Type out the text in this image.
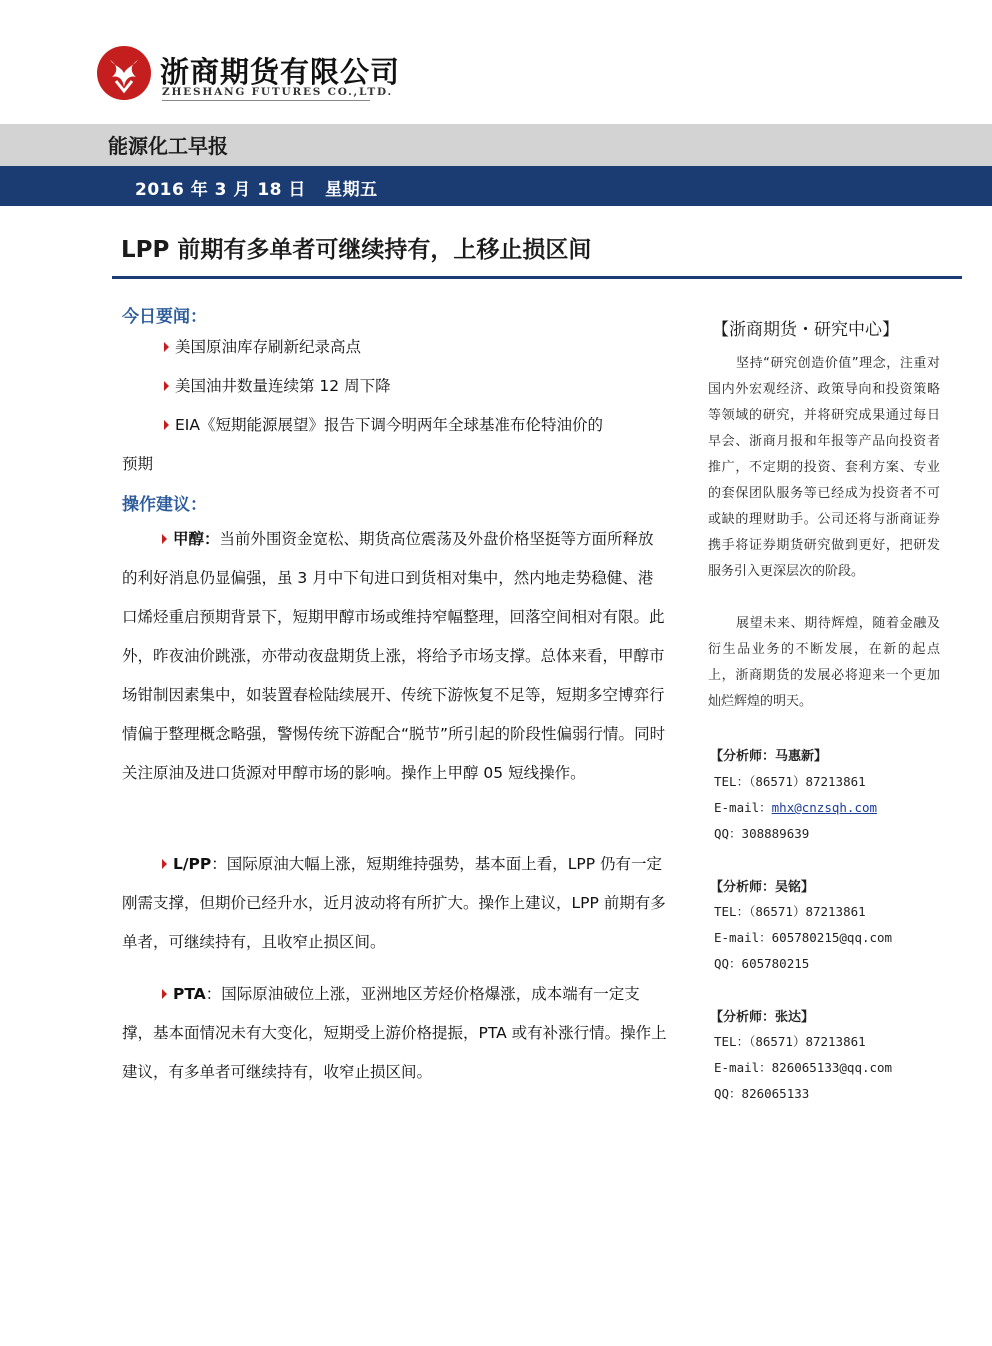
浙商期货有限公司
ZHESHANG FUTURES CO.,LTD.
能源化工早报
2016 年 3 月 18 日   星期五
LPP 前期有多单者可继续持有，上移止损区间
今日要闻：
美国原油库存刷新纪录高点
美国油井数量连续第 12 周下降
EIA《短期能源展望》报告下调今明两年全球基准布伦特油价的
预期
操作建议：

甲醇：当前外围资金宽松、期货高位震荡及外盘价格坚挺等方面所释放的利好消息仍显偏强，虽 3 月中下旬进口到货相对集中，然内地走势稳健、港口烯烃重启预期背景下，短期甲醇市场或维持窄幅整理，回落空间相对有限。此外，昨夜油价跳涨，亦带动夜盘期货上涨，将给予市场支撑。总体来看，甲醇市场钳制因素集中，如装置春检陆续展开、传统下游恢复不足等，短期多空博弈行情偏于整理概念略强，警惕传统下游配合“脱节”所引起的阶段性偏弱行情。同时关注原油及进口货源对甲醇市场的影响。操作上甲醇 05 短线操作。

L/PP：国际原油大幅上涨，短期维持强势，基本面上看，LPP 仍有一定刚需支撑，但期价已经升水，近月波动将有所扩大。操作上建议，LPP 前期有多单者，可继续持有，且收窄止损区间。

PTA：国际原油破位上涨，亚洲地区芳烃价格爆涨，成本端有一定支撑，基本面情况未有大变化，短期受上游价格提振，PTA 或有补涨行情。操作上建议，有多单者可继续持有，收窄止损区间。

【浙商期货・研究中心】

坚持“研究创造价值”理念，注重对国内外宏观经济、政策导向和投资策略等领域的研究，并将研究成果通过每日早会、浙商月报和年报等产品向投资者推广，不定期的投资、套利方案、专业的套保团队服务等已经成为投资者不可或缺的理财助手。公司还将与浙商证券携手将证券期货研究做到更好，把研发服务引入更深层次的阶段。

展望未来、期待辉煌，随着金融及衍生品业务的不断发展，在新的起点上，浙商期货的发展必将迎来一个更加灿烂辉煌的明天。

【分析师：马惠新】
TEL：（86571）87213861
E-mail：mhx@cnzsqh.com
QQ：308889639
【分析师：吴铭】
TEL：（86571）87213861
E-mail：605780215@qq.com
QQ：605780215
【分析师：张达】
TEL：（86571）87213861
E-mail：826065133@qq.com
QQ：826065133
